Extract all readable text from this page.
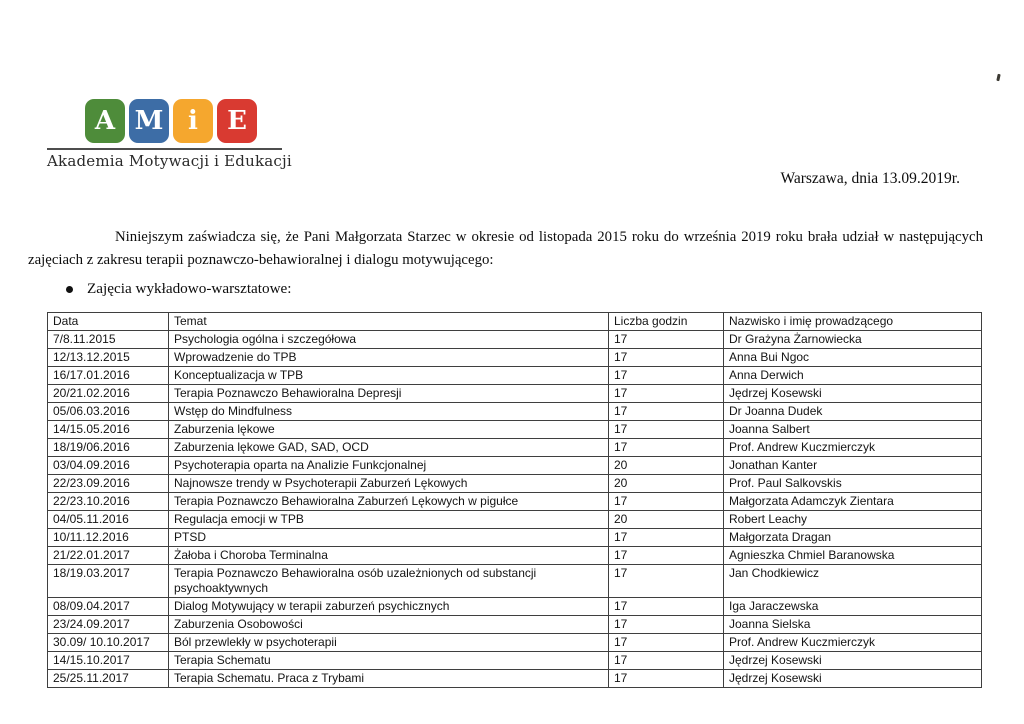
A M i	E
Akademia Motywacji i Edukacji
Warszawa, dnia 13.09.2019r.
Niniejszym zaświadcza się, że Pani Małgorzata Starzec w okresie od listopada 2015 roku do września 2019 roku brała udział w następujących zajęciach z zakresu terapii poznawczo-behawioralnej i dialogu motywującego:
Zajęcia wykładowo-warsztatowe:
Data	Temat	Liczba godzin	Nazwisko i imię prowadzącego
7/8.11.2015	Psychologia ogólna i szczegółowa	17	Dr Grażyna Żarnowiecka
12/13.12.2015	Wprowadzenie do TPB	17	Anna Bui Ngoc
16/17.01.2016	Konceptualizacja w TPB	17	Anna Derwich
20/21.02.2016	Terapia Poznawczo Behawioralna Depresji	17	Jędrzej Kosewski
05/06.03.2016	Wstęp do Mindfulness	17	Dr Joanna Dudek
14/15.05.2016	Zaburzenia lękowe	17	Joanna Salbert
18/19/06.2016	Zaburzenia lękowe GAD, SAD, OCD	17	Prof. Andrew Kuczmierczyk
03/04.09.2016	Psychoterapia oparta na Analizie Funkcjonalnej	20	Jonathan Kanter
22/23.09.2016	Najnowsze trendy w Psychoterapii Zaburzeń Lękowych	20	Prof. Paul Salkovskis
22/23.10.2016	Terapia Poznawczo Behawioralna Zaburzeń Lękowych w pigułce	17	Małgorzata Adamczyk Zientara
04/05.11.2016	Regulacja emocji w TPB	20	Robert Leachy
10/11.12.2016	PTSD	17	Małgorzata Dragan
21/22.01.2017	Żałoba i Choroba Terminalna	17	Agnieszka Chmiel Baranowska
18/19.03.2017	Terapia Poznawczo Behawioralna osób uzależnionych od substancji psychoaktywnych	17	Jan Chodkiewicz
08/09.04.2017	Dialog Motywujący w terapii zaburzeń psychicznych	17	Iga Jaraczewska
23/24.09.2017	Zaburzenia Osobowości	17	Joanna Sielska
30.09/ 10.10.2017	Ból przewlekły w psychoterapii	17	Prof. Andrew Kuczmierczyk
14/15.10.2017	Terapia Schematu	17	Jędrzej Kosewski
25/25.11.2017	Terapia Schematu. Praca z Trybami	17	Jędrzej Kosewski
